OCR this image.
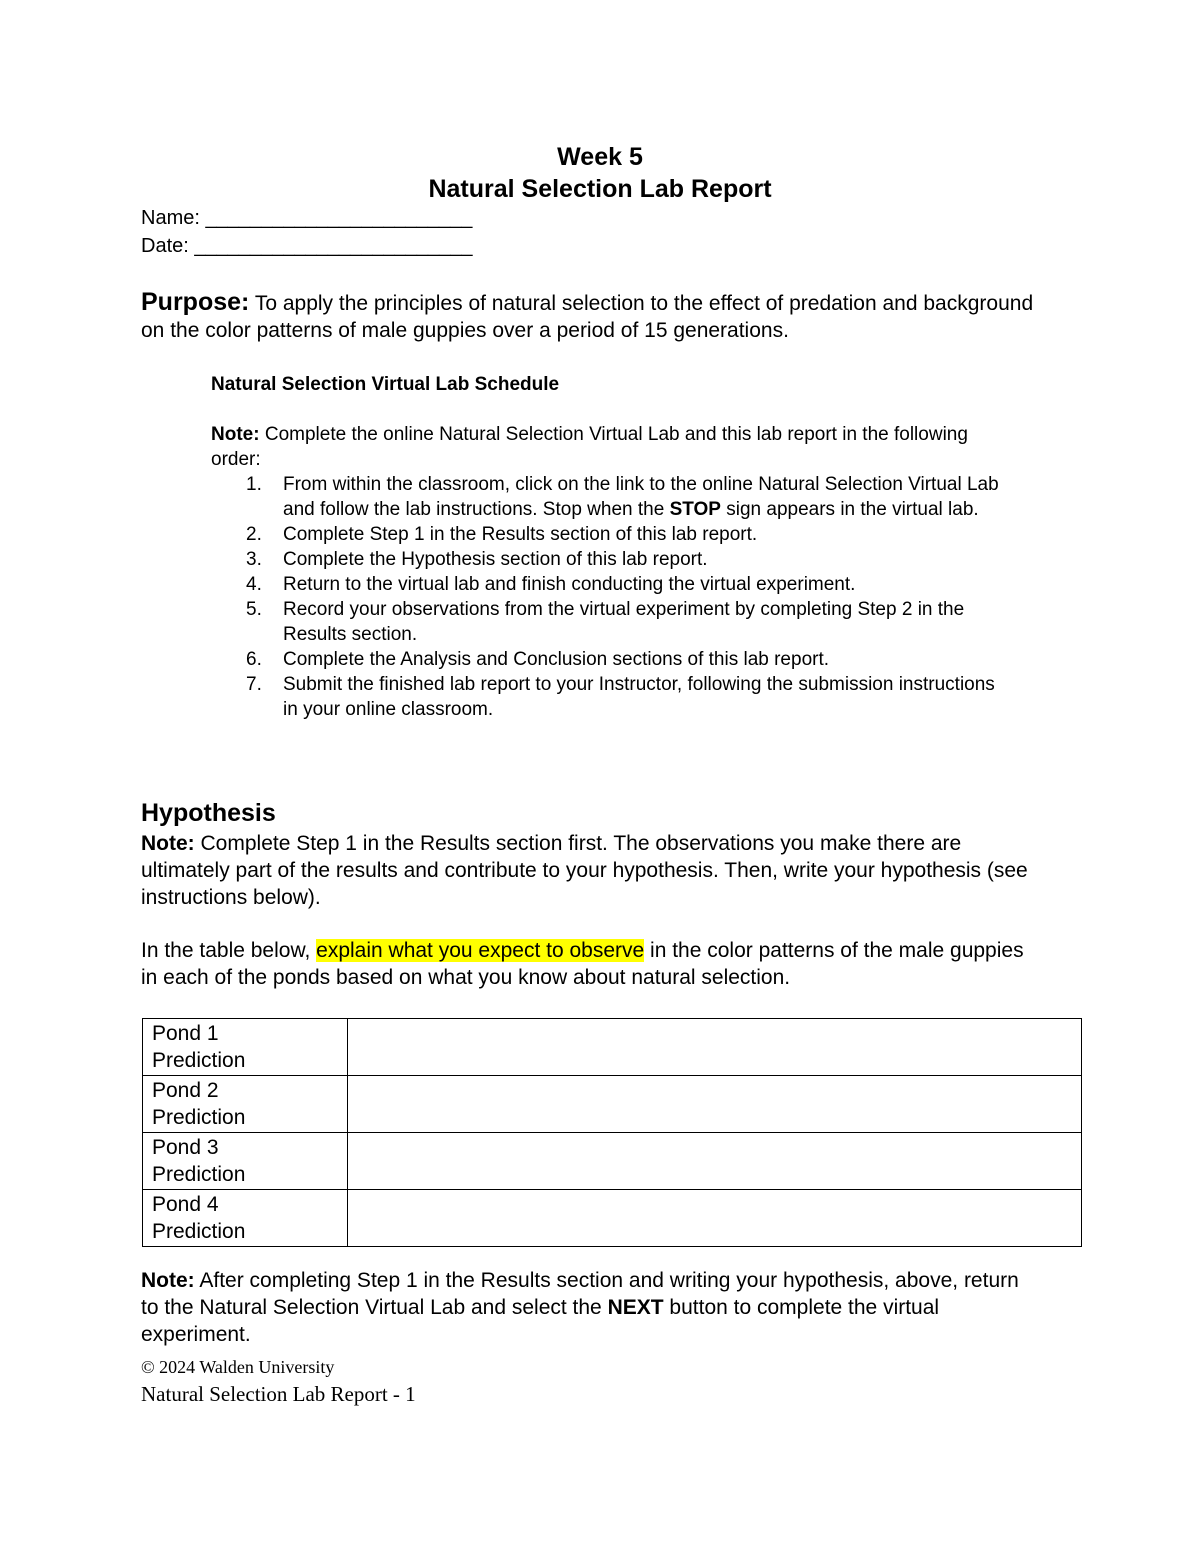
Week 5
Natural Selection Lab Report
Name: ________________________
Date: _________________________
Purpose: To apply the principles of natural selection to the effect of predation and background on the color patterns of male guppies over a period of 15 generations.
Natural Selection Virtual Lab Schedule
Note: Complete the online Natural Selection Virtual Lab and this lab report in the following order:
1. From within the classroom, click on the link to the online Natural Selection Virtual Lab and follow the lab instructions. Stop when the STOP sign appears in the virtual lab.
2. Complete Step 1 in the Results section of this lab report.
3. Complete the Hypothesis section of this lab report.
4. Return to the virtual lab and finish conducting the virtual experiment.
5. Record your observations from the virtual experiment by completing Step 2 in the Results section.
6. Complete the Analysis and Conclusion sections of this lab report.
7. Submit the finished lab report to your Instructor, following the submission instructions in your online classroom.
Hypothesis
Note: Complete Step 1 in the Results section first. The observations you make there are ultimately part of the results and contribute to your hypothesis. Then, write your hypothesis (see instructions below).
In the table below, explain what you expect to observe in the color patterns of the male guppies in each of the ponds based on what you know about natural selection.
Pond 1
Prediction	

Pond 2
Prediction	

Pond 3
Prediction	

Pond 4
Prediction	

Note: After completing Step 1 in the Results section and writing your hypothesis, above, return to the Natural Selection Virtual Lab and select the NEXT button to complete the virtual experiment.
© 2024 Walden University
Natural Selection Lab Report - 1
